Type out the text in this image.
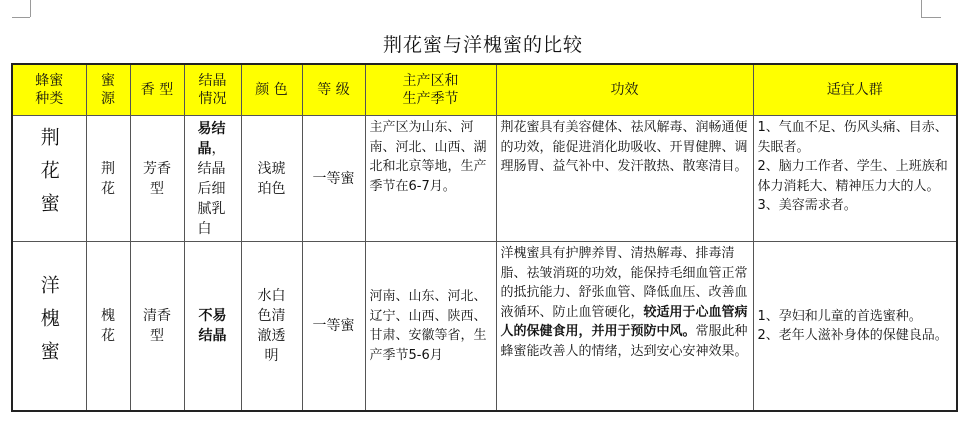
荆花蜜与洋槐蜜的比较
蜂蜜种类	蜜源	香 型	结晶情况	颜 色	等 级	主产区和
生产季节	功效	适宜人群
荆花蜜	荆花	芳香型	易结晶，结晶后细腻乳白	浅琥珀色	一等蜜	主产区为山东、河南、河北、山西、湖北和北京等地，生产季节在6-7月。	荆花蜜具有美容健体、祛风解毒、润畅通便的功效，能促进消化助吸收、开胃健脾、调理肠胃、益气补中、发汗散热、散寒清目。	1、气血不足、伤风头痛、目赤、失眠者。
2、脑力工作者、学生、上班族和体力消耗大、精神压力大的人。
3、美容需求者。

洋槐蜜	槐花	清香型	不易结晶	水白色清澈透明	一等蜜	河南、山东、河北、辽宁、山西、陕西、甘肃、安徽等省，生产季节5-6月	洋槐蜜具有护脾养胃、清热解毒、排毒清脂、祛皱消斑的功效，能保持毛细血管正常的抵抗能力、舒张血管、降低血压、改善血液循环、防止血管硬化，较适用于心血管病人的保健食用，并用于预防中风。常服此种蜂蜜能改善人的情绪，达到安心安神效果。	1、孕妇和儿童的首选蜜种。
2、老年人滋补身体的保健良品。
